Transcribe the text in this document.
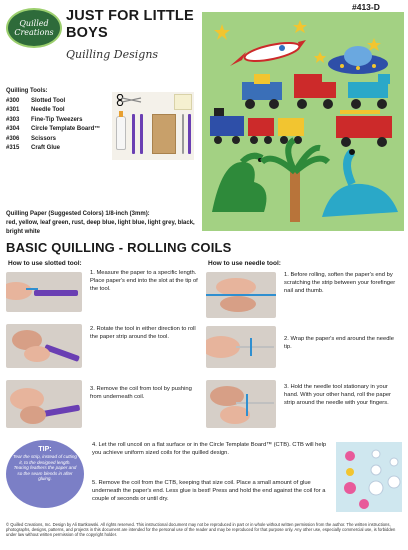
Quilled
Creations
JUST FOR LITTLE BOYS
Quilling Designs
#413-D
Quilling Tools:
#300	Slotted Tool
#301	Needle Tool
#303	Fine-Tip Tweezers
#304	Circle Template Board™
#306	Scissors
#315	Craft Glue
Quilling Paper (Suggested Colors) 1/8-inch (3mm):
red, yellow, leaf green, rust, deep blue, light blue, light grey, black, bright white
BASIC QUILLING - ROLLING COILS
How to use slotted tool:
1. Measure the paper to a specific length. Place paper's end into the slot at the tip of the tool.
2. Rotate the tool in either direction to roll the paper strip around the tool.
3. Remove the coil from tool by pushing from underneath coil.
How to use needle tool:
1. Before rolling, soften the paper's end by scratching the strip between your forefinger nail and thumb.
2. Wrap the paper's end around the needle tip.
3. Hold the needle tool stationary in your hand. With your other hand, roll the paper strip around the needle with your fingers.
TIP:
Tear the strip, instead of cutting it, to the designed length. Tearing feathers the paper and so the seam blends in after gluing.
4. Let the roll uncoil on a flat surface or in the Circle Template Board™ (CTB). CTB will help you achieve uniform sized coils for the quilled design.
5. Remove the coil from the CTB, keeping that size coil. Place a small amount of glue underneath the paper's end. Less glue is best! Press and hold the end against the coil for a couple of seconds or until dry.
© Quilled Creations, Inc. Design by Ali Bartkowski. All rights reserved. This instructional document may not be reproduced in part or in whole without written permission from the author. The written instructions, photographs, designs, patterns, and projects in this document are intended for the personal use of the reader and may be reproduced for that purpose only. Any other use, especially commercial use, is forbidden under law without written permission of the copyright holder.
